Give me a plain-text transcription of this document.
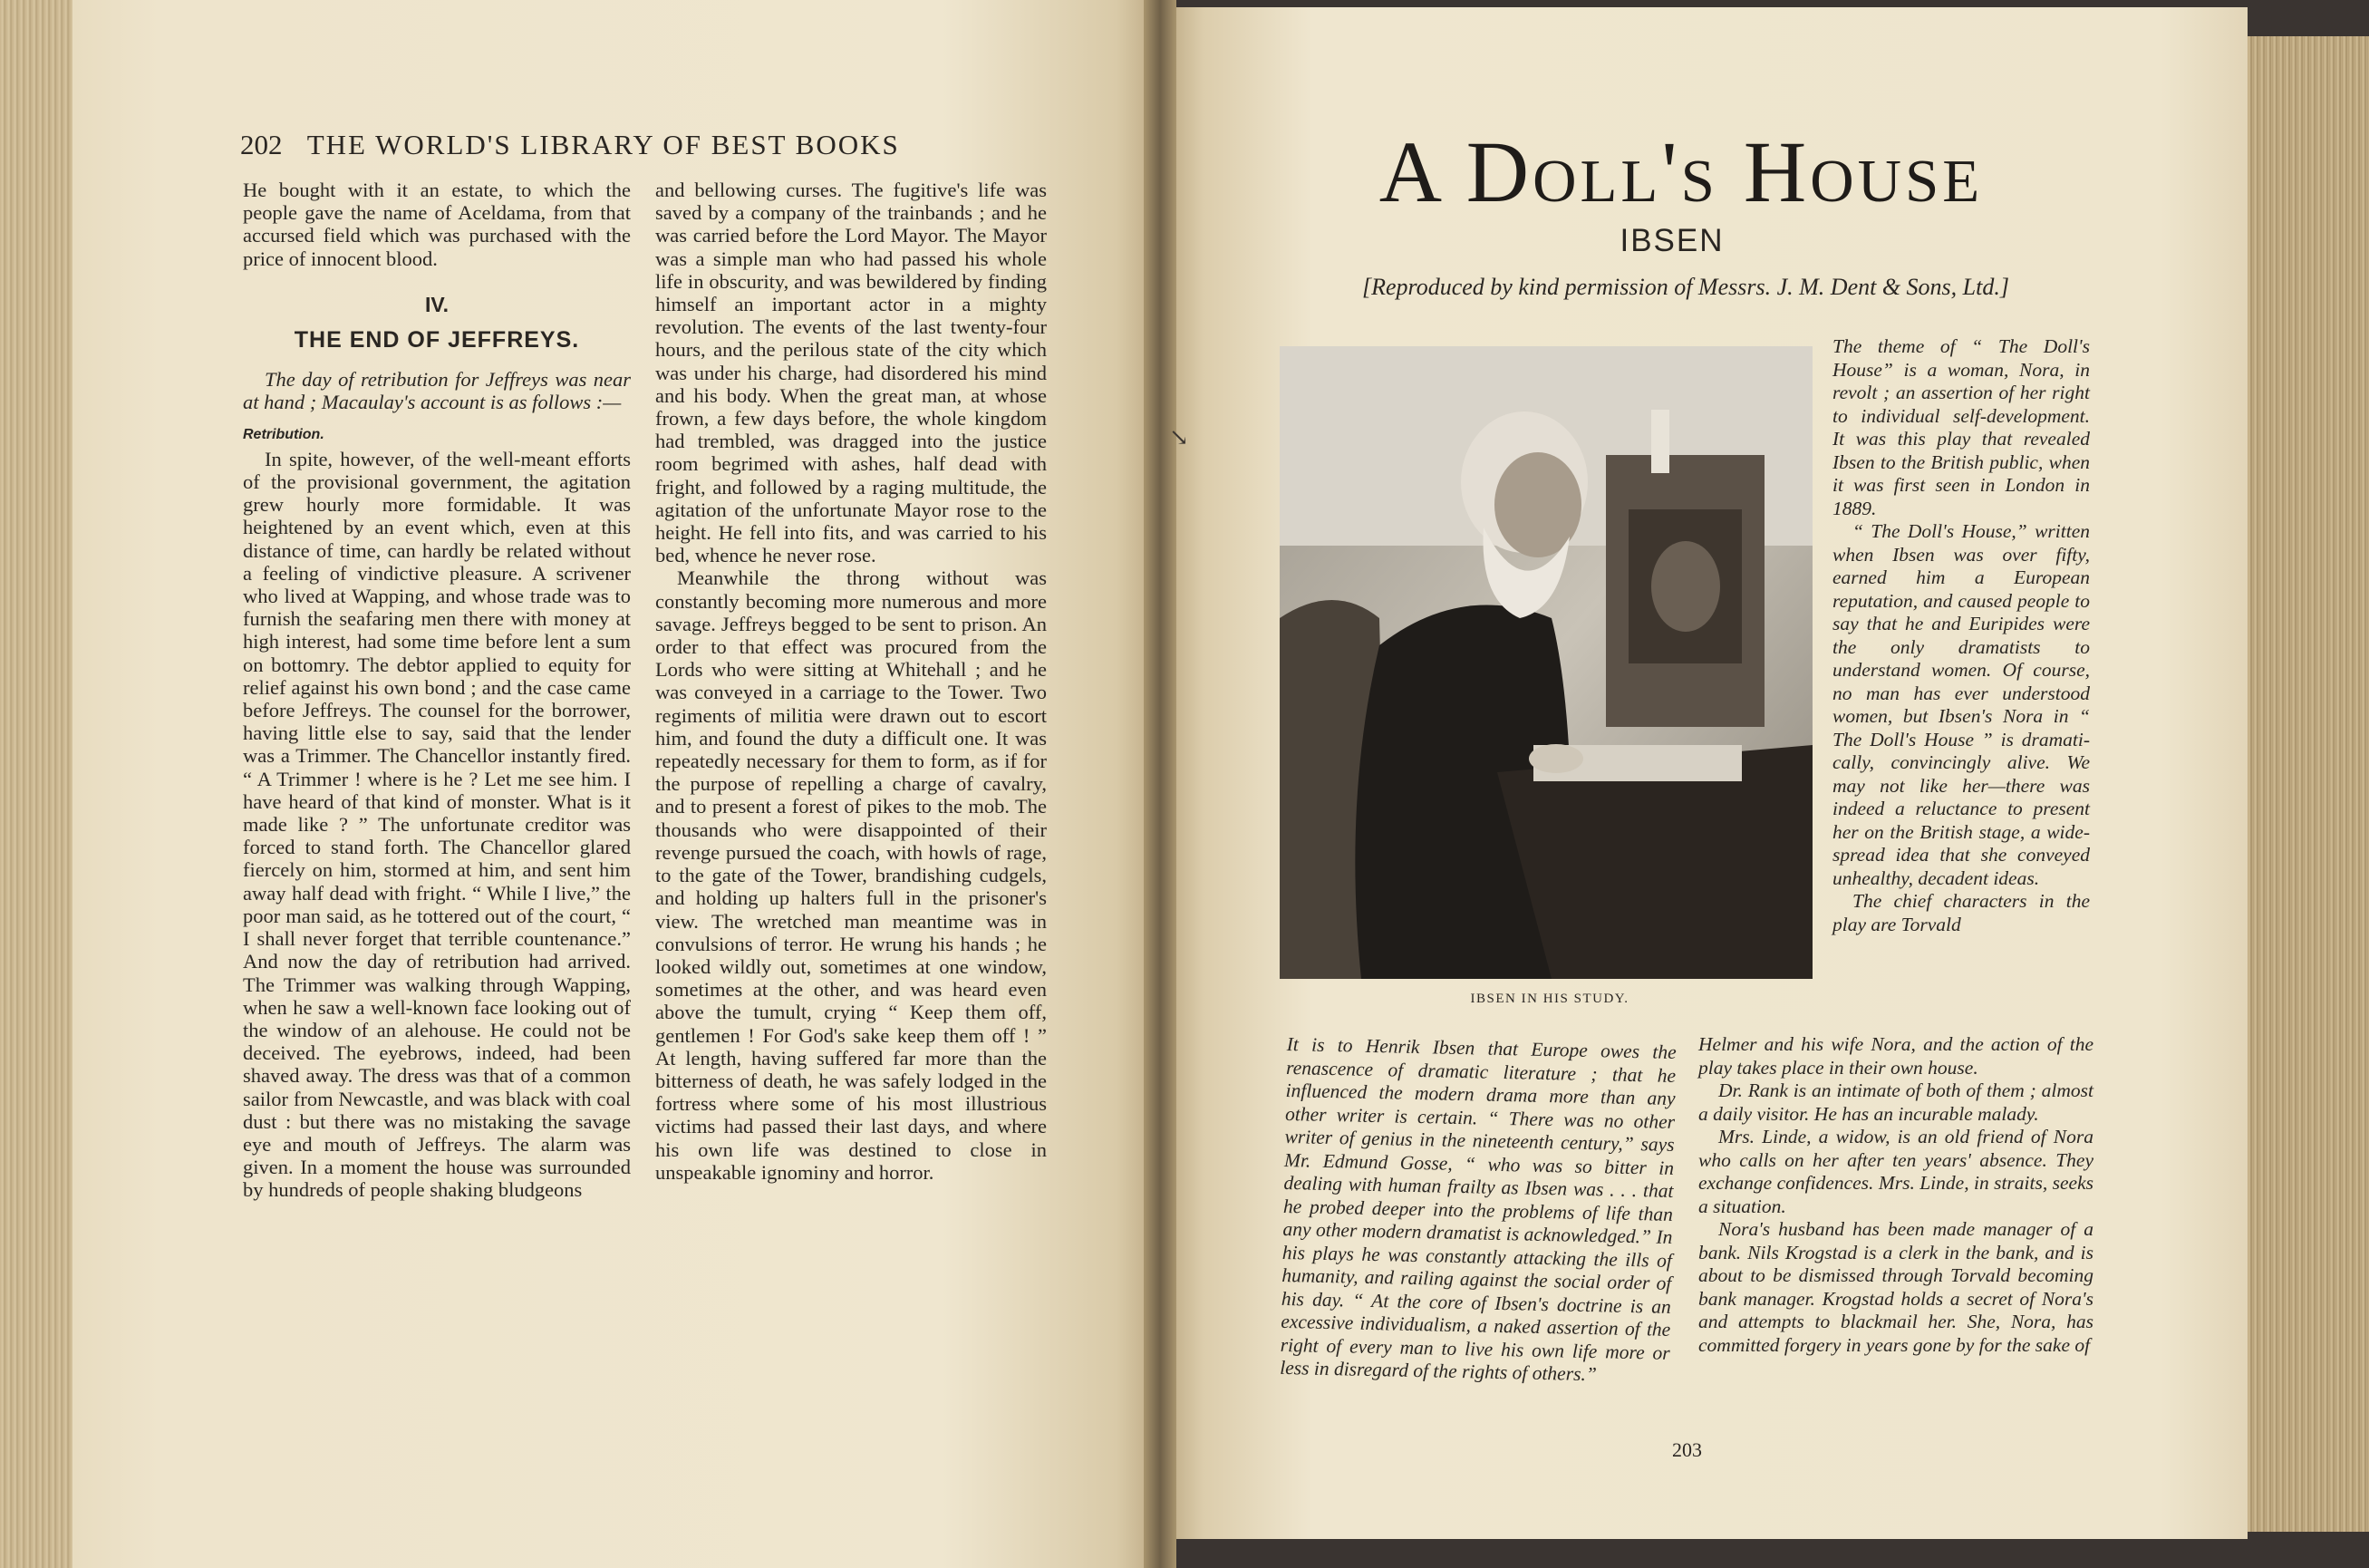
202 THE WORLD'S LIBRARY OF BEST BOOKS

He bought with it an estate, to which the people gave the name of Aceldama, from that accursed field which was purchased with the price of innocent blood.

IV.
THE END OF JEFFREYS.

The day of retribution for Jeffreys was near at hand ; Macaulay's account is as follows :—

Retribution.

In spite, however, of the well-meant efforts of the provisional government, the agitation grew hourly more formidable. It was heightened by an event which, even at this distance of time, can hardly be related without a feeling of vindictive pleasure. A scrivener who lived at Wapping, and whose trade was to furnish the seafaring men there with money at high interest, had some time before lent a sum on bottomry. The debtor applied to equity for relief against his own bond ; and the case came before Jeffreys. The counsel for the borrower, having little else to say, said that the lender was a Trimmer. The Chancellor instantly fired. “ A Trimmer ! where is he ? Let me see him. I have heard of that kind of monster. What is it made like ? ” The unfortunate creditor was forced to stand forth. The Chancellor glared fiercely on him, stormed at him, and sent him away half dead with fright. “ While I live,” the poor man said, as he tottered out of the court, “ I shall never forget that terrible countenance.” And now the day of retribution had arrived. The Trimmer was walking through Wapping, when he saw a well-known face looking out of the window of an alehouse. He could not be deceived. The eyebrows, indeed, had been shaved away. The dress was that of a common sailor from Newcastle, and was black with coal dust : but there was no mistaking the savage eye and mouth of Jeffreys. The alarm was given. In a moment the house was surrounded by hundreds of people shaking bludgeons

and bellowing curses. The fugitive's life was saved by a company of the trainbands ; and he was carried before the Lord Mayor. The Mayor was a simple man who had passed his whole life in obscurity, and was bewildered by finding himself an important actor in a mighty revolution. The events of the last twenty-four hours, and the perilous state of the city which was under his charge, had disordered his mind and his body. When the great man, at whose frown, a few days before, the whole kingdom had trembled, was dragged into the justice room begrimed with ashes, half dead with fright, and followed by a raging multitude, the agitation of the unfortunate Mayor rose to the height. He fell into fits, and was carried to his bed, whence he never rose.

Meanwhile the throng without was constantly becoming more numerous and more savage. Jeffreys begged to be sent to prison. An order to that effect was procured from the Lords who were sitting at Whitehall ; and he was conveyed in a carriage to the Tower. Two regiments of militia were drawn out to escort him, and found the duty a difficult one. It was repeatedly necessary for them to form, as if for the purpose of repelling a charge of cavalry, and to present a forest of pikes to the mob. The thousands who were disappointed of their revenge pursued the coach, with howls of rage, to the gate of the Tower, brandishing cudgels, and holding up halters full in the prisoner's view. The wretched man meantime was in convulsions of terror. He wrung his hands ; he looked wildly out, sometimes at one window, sometimes at the other, and was heard even above the tumult, crying “ Keep them off, gentlemen ! For God's sake keep them off ! ” At length, having suffered far more than the bitterness of death, he was safely lodged in the fortress where some of his most illustrious victims had passed their last days, and where his own life was destined to close in unspeakable ignominy and horror.

↘
A Doll's House
IBSEN
[Reproduced by kind permission of Messrs. J. M. Dent & Sons, Ltd.]
IBSEN IN HIS STUDY.

The theme of “ The Doll's House” is a woman, Nora, in revolt ; an assertion of her right to individual self-development. It was this play that revealed Ibsen to the British public, when it was first seen in London in 1889.

“ The Doll's House,” written when Ibsen was over fifty, earned him a European reputation, and caused people to say that he and Euripides were the only dramatists to understand women. Of course, no man has ever understood women, but Ibsen's Nora in “ The Doll's House ” is dramatically, convincingly alive. We may not like her—there was indeed a reluctance to present her on the British stage, a wide-spread idea that she conveyed unhealthy, decadent ideas.

The chief characters in the play are Torvald

It is to Henrik Ibsen that Europe owes the renascence of dramatic literature ; that he influenced the modern drama more than any other writer is certain. “ There was no other writer of genius in the nineteenth century,” says Mr. Edmund Gosse, “ who was so bitter in dealing with human frailty as Ibsen was . . . that he probed deeper into the problems of life than any other modern dramatist is acknowledged.” In his plays he was constantly attacking the ills of humanity, and railing against the social order of his day. “ At the core of Ibsen's doctrine is an excessive individualism, a naked assertion of the right of every man to live his own life more or less in disregard of the rights of others.”

Helmer and his wife Nora, and the action of the play takes place in their own house.

Dr. Rank is an intimate of both of them ; almost a daily visitor. He has an incurable malady.

Mrs. Linde, a widow, is an old friend of Nora who calls on her after ten years' absence. They exchange confidences. Mrs. Linde, in straits, seeks a situation.

Nora's husband has been made manager of a bank. Nils Krogstad is a clerk in the bank, and is about to be dismissed through Torvald becoming bank manager. Krogstad holds a secret of Nora's and attempts to blackmail her. She, Nora, has committed forgery in years gone by for the sake of

203
